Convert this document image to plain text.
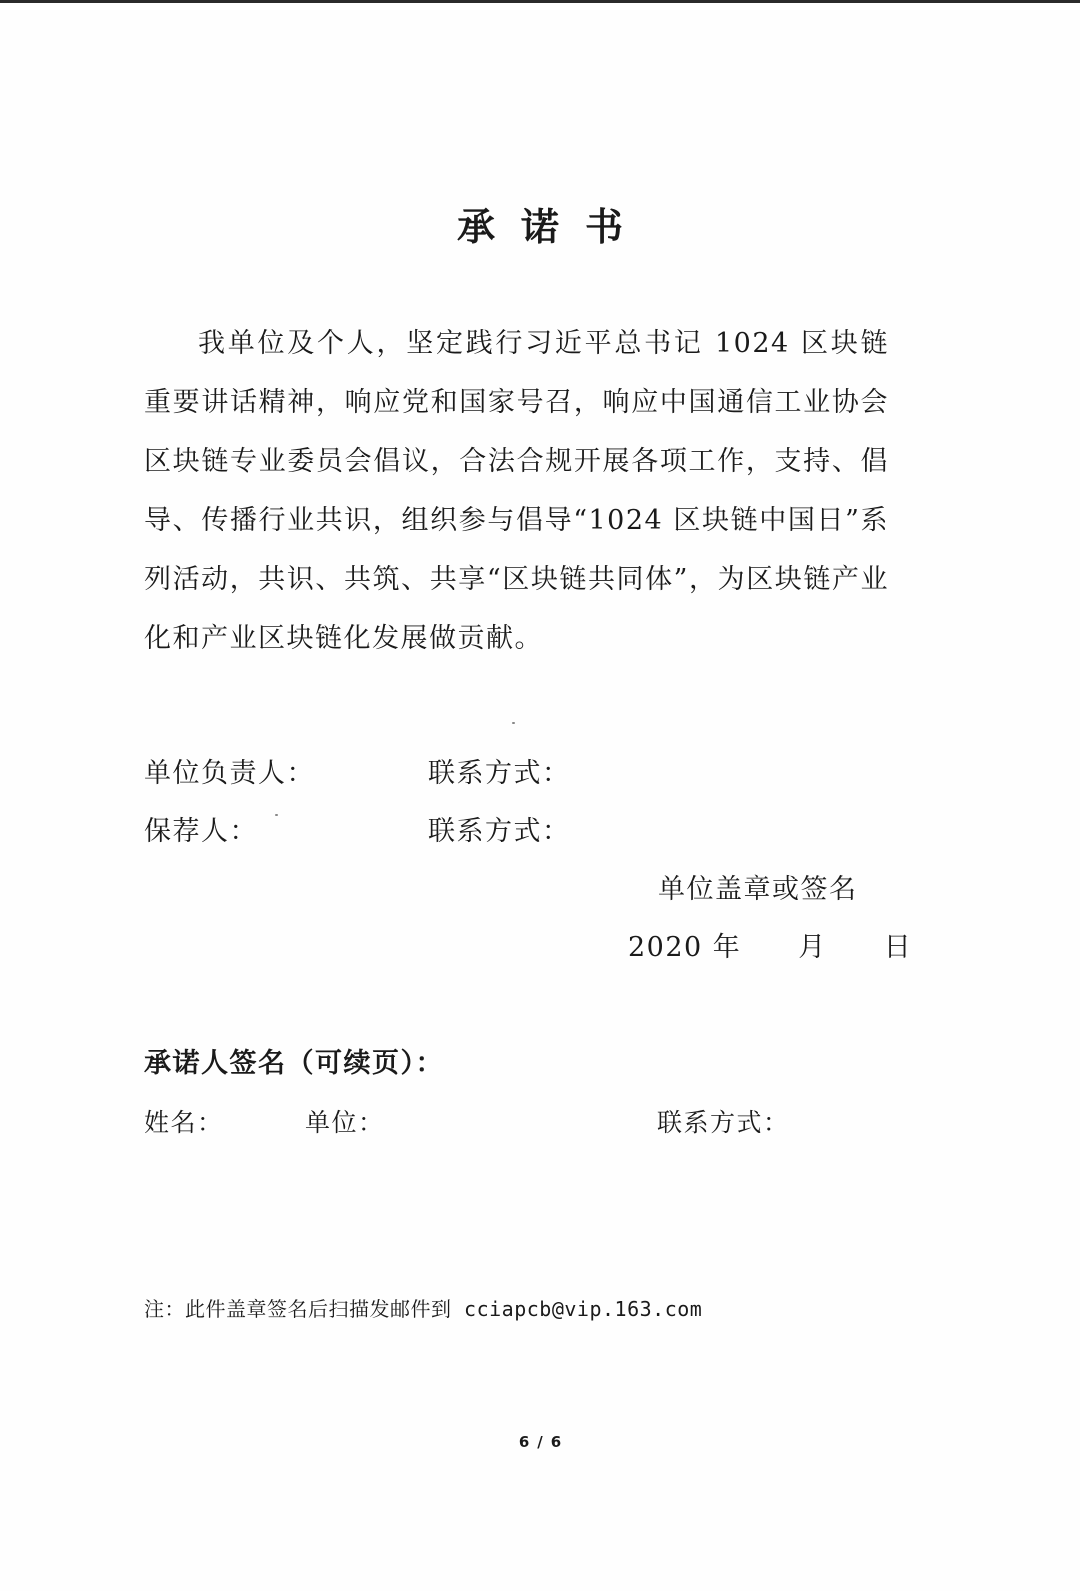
承诺书

我单位及个人，坚定践行习近平总书记 1024 区块链重要讲话精神，响应党和国家号召，响应中国通信工业协会区块链专业委员会倡议，合法合规开展各项工作，支持、倡导、传播行业共识，组织参与倡导“1024 区块链中国日”系列活动，共识、共筑、共享“区块链共同体”，为区块链产业化和产业区块链化发展做贡献。

单位负责人：	联系方式：
保荐人：	联系方式：
单位盖章或签名
2020 年　　月　　日
承诺人签名（可续页）：
姓名：	单位：	联系方式：
注：此件盖章签名后扫描发邮件到 cciapcb@vip.163.com
6 / 6
